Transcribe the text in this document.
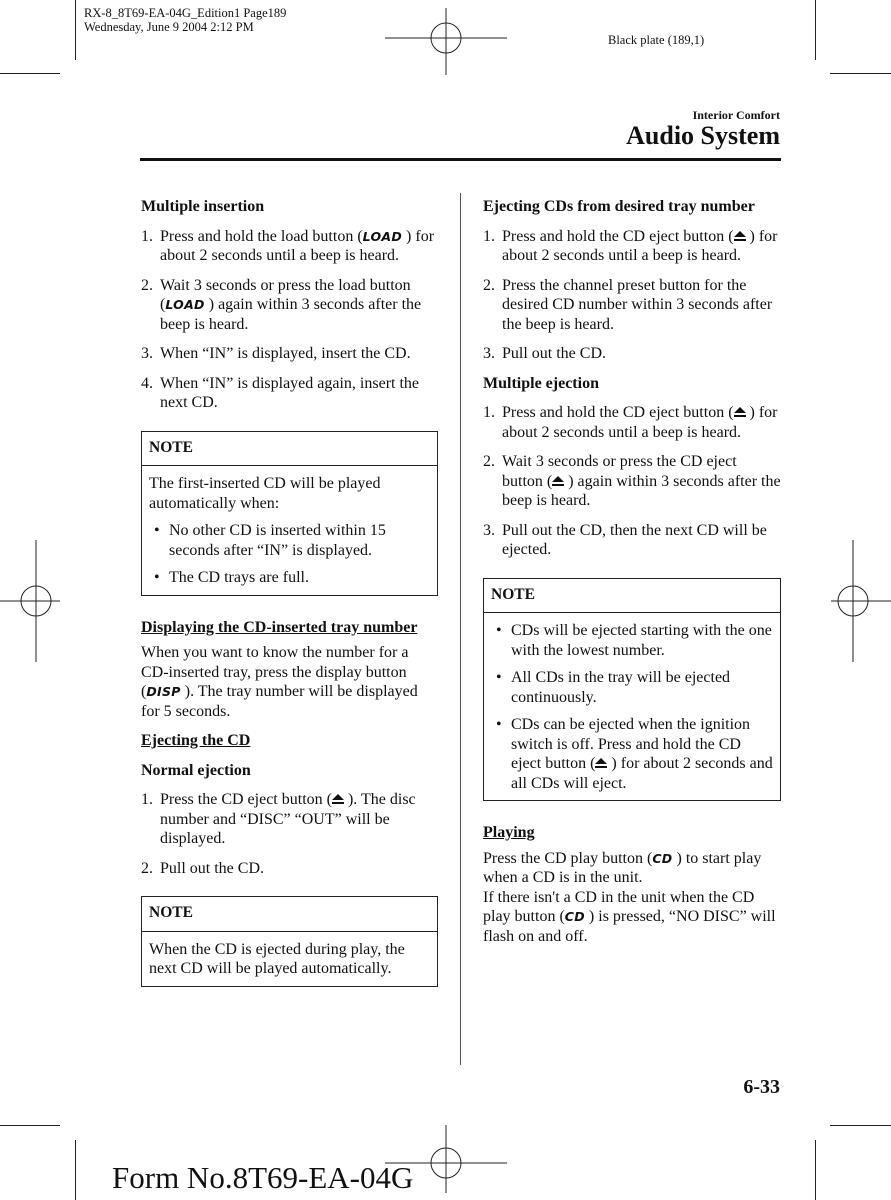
RX-8_8T69-EA-04G_Edition1 Page189
Wednesday, June 9 2004 2:12 PM
Black plate (189,1)
Interior Comfort
Audio System
Multiple insertion
1. Press and hold the load button (LOAD ) for about 2 seconds until a beep is heard.
2. Wait 3 seconds or press the load button (LOAD ) again within 3 seconds after the beep is heard.
3. When “IN” is displayed, insert the CD.
4. When “IN” is displayed again, insert the next CD.
NOTE

The first-inserted CD will be played automatically when:

• No other CD is inserted within 15 seconds after “IN” is displayed.
• The CD trays are full.
Displaying the CD-inserted tray number

When you want to know the number for a CD-inserted tray, press the display button (DISP ). The tray number will be displayed for 5 seconds.

Ejecting the CD
Normal ejection
1. Press the CD eject button ( ). The disc number and “DISC” “OUT” will be displayed.
2. Pull out the CD.
NOTE
When the CD is ejected during play, the next CD will be played automatically.
Ejecting CDs from desired tray number
1. Press and hold the CD eject button ( ) for about 2 seconds until a beep is heard.
2. Press the channel preset button for the desired CD number within 3 seconds after the beep is heard.
3. Pull out the CD.
Multiple ejection
1. Press and hold the CD eject button ( ) for about 2 seconds until a beep is heard.
2. Wait 3 seconds or press the CD eject button ( ) again within 3 seconds after the beep is heard.
3. Pull out the CD, then the next CD will be ejected.
NOTE
• CDs will be ejected starting with the one with the lowest number.
• All CDs in the tray will be ejected continuously.
• CDs can be ejected when the ignition switch is off. Press and hold the CD eject button ( ) for about 2 seconds and all CDs will eject.
Playing
Press the CD play button (CD ) to start play when a CD is in the unit.
If there isn't a CD in the unit when the CD play button (CD ) is pressed, “NO DISC” will flash on and off.
6-33
Form No.8T69-EA-04G
